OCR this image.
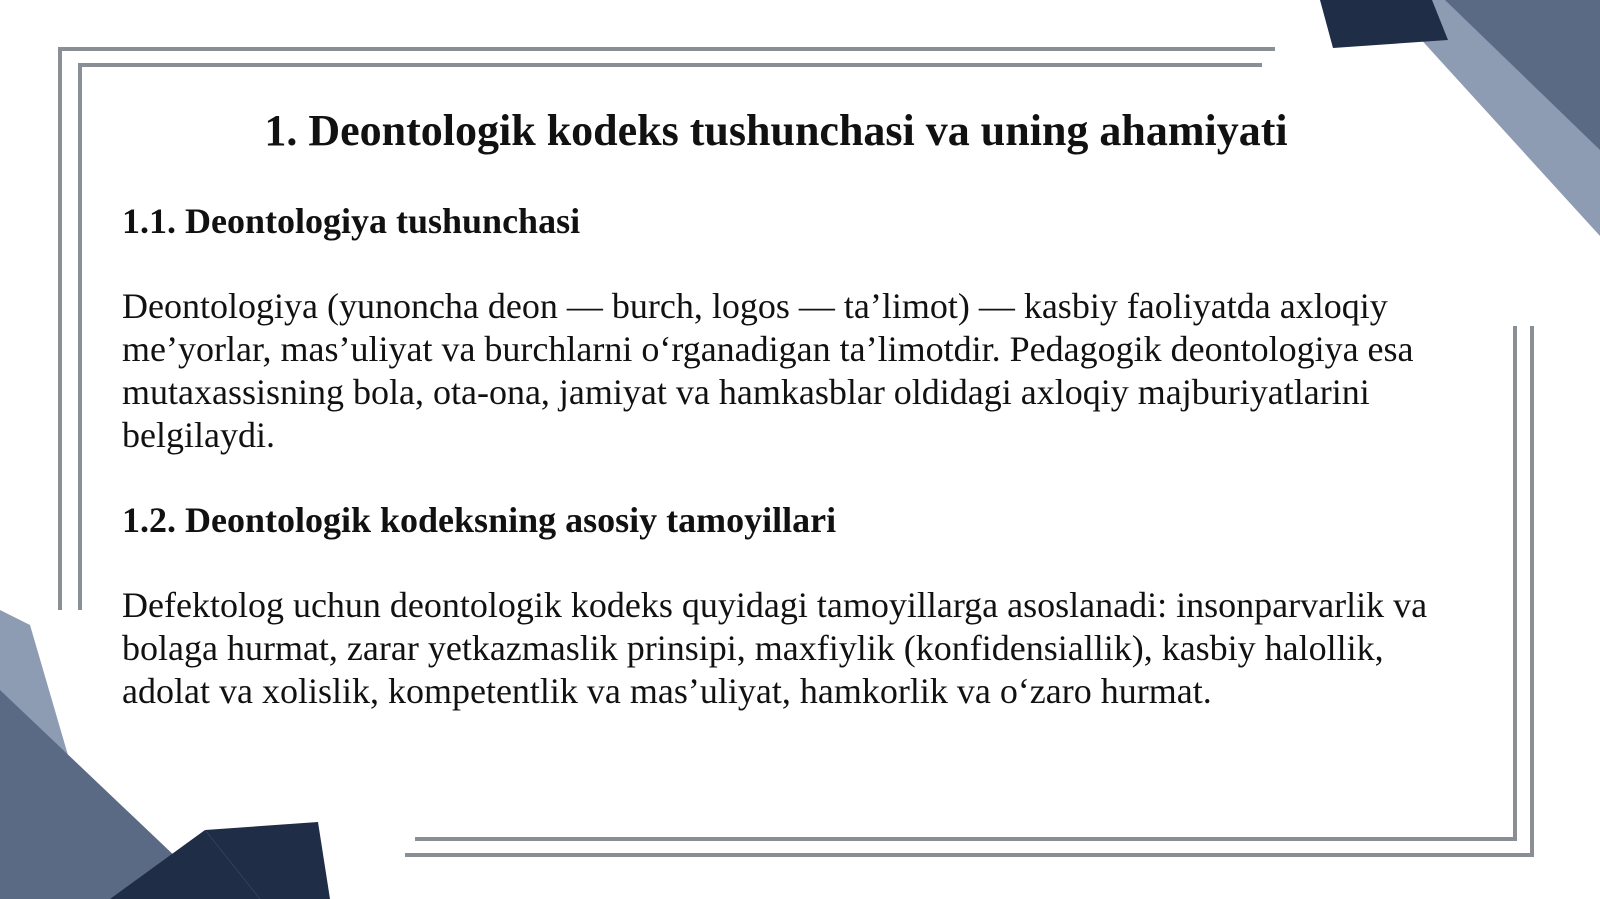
1. Deontologik kodeks tushunchasi va uning ahamiyati
1.1. Deontologiya tushunchasi

Deontologiya (yunoncha deon — burch, logos — ta’limot) — kasbiy faoliyatda axloqiy me’yorlar, mas’uliyat va burchlarni o‘rganadigan ta’limotdir. Pedagogik deontologiya esa mutaxassisning bola, ota-ona, jamiyat va hamkasblar oldidagi axloqiy majburiyatlarini belgilaydi.

1.2. Deontologik kodeksning asosiy tamoyillari

Defektolog uchun deontologik kodeks quyidagi tamoyillarga asoslanadi: insonparvarlik va bolaga hurmat, zarar yetkazmaslik prinsipi, maxfiylik (konfidensiallik), kasbiy halollik, adolat va xolislik, kompetentlik va mas’uliyat, hamkorlik va o‘zaro hurmat.
